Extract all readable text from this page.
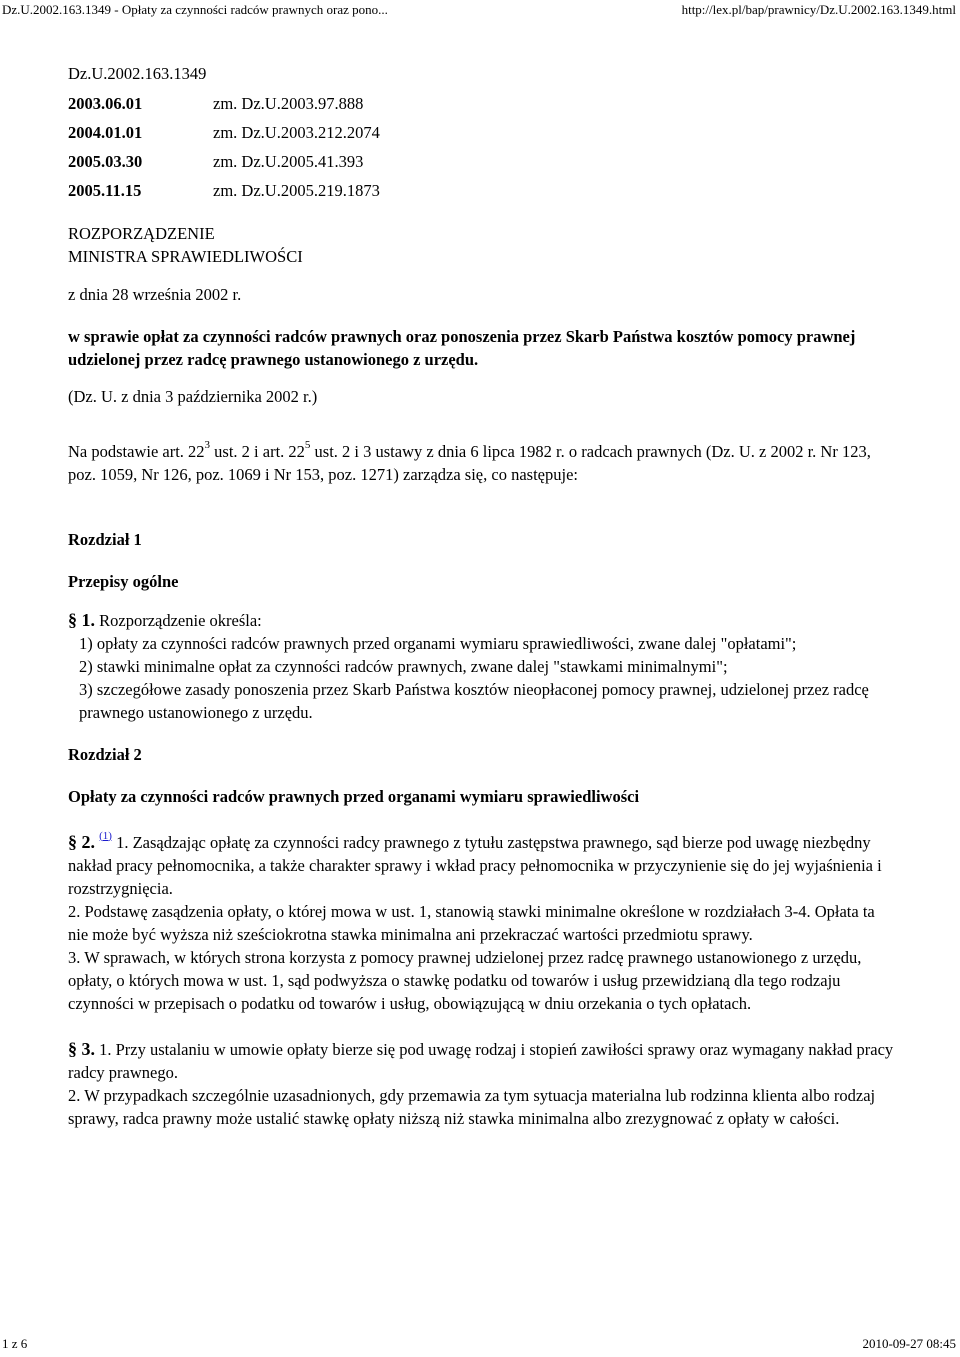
Dz.U.2002.163.1349 - Opłaty za czynności radców prawnych oraz pono...	http://lex.pl/bap/prawnicy/Dz.U.2002.163.1349.html

Dz.U.2002.163.1349

2003.06.01	zm. Dz.U.2003.97.888
2004.01.01	zm. Dz.U.2003.212.2074
2005.03.30	zm. Dz.U.2005.41.393
2005.11.15	zm. Dz.U.2005.219.1873

ROZPORZĄDZENIE

MINISTRA SPRAWIEDLIWOŚCI

z dnia 28 września 2002 r.

w sprawie opłat za czynności radców prawnych oraz ponoszenia przez Skarb Państwa kosztów pomocy prawnej udzielonej przez radcę prawnego ustanowionego z urzędu.

(Dz. U. z dnia 3 października 2002 r.)

Na podstawie art. $22^3$ ust. 2 i art. $22^5$ ust. 2 i 3 ustawy z dnia 6 lipca 1982 r. o radcach prawnych (Dz. U. z 2002 r. Nr 123, poz. 1059, Nr 126, poz. 1069 i Nr 153, poz. 1271) zarządza się, co następuje:

Rozdział 1

Przepisy ogólne

§ 1. Rozporządzenie określa:

1) opłaty za czynności radców prawnych przed organami wymiaru sprawiedliwości, zwane dalej "opłatami";

2) stawki minimalne opłat za czynności radców prawnych, zwane dalej "stawkami minimalnymi";

3) szczegółowe zasady ponoszenia przez Skarb Państwa kosztów nieopłaconej pomocy prawnej, udzielonej przez radcę prawnego ustanowionego z urzędu.

Rozdział 2

Opłaty za czynności radców prawnych przed organami wymiaru sprawiedliwości

§ 2. $^{(1)}$ 1. Zasądzając opłatę za czynności radcy prawnego z tytułu zastępstwa prawnego, sąd bierze pod uwagę niezbędny nakład pracy pełnomocnika, a także charakter sprawy i wkład pracy pełnomocnika w przyczynienie się do jej wyjaśnienia i rozstrzygnięcia.

2. Podstawę zasądzenia opłaty, o której mowa w ust. 1, stanowią stawki minimalne określone w rozdziałach 3-4. Opłata ta nie może być wyższa niż sześciokrotna stawka minimalna ani przekraczać wartości przedmiotu sprawy.

3. W sprawach, w których strona korzysta z pomocy prawnej udzielonej przez radcę prawnego ustanowionego z urzędu, opłaty, o których mowa w ust. 1, sąd podwyższa o stawkę podatku od towarów i usług przewidzianą dla tego rodzaju czynności w przepisach o podatku od towarów i usług, obowiązującą w dniu orzekania o tych opłatach.

§ 3. 1. Przy ustalaniu w umowie opłaty bierze się pod uwagę rodzaj i stopień zawiłości sprawy oraz wymagany nakład pracy radcy prawnego.

2. W przypadkach szczególnie uzasadnionych, gdy przemawia za tym sytuacja materialna lub rodzinna klienta albo rodzaj sprawy, radca prawny może ustalić stawkę opłaty niższą niż stawka minimalna albo zrezygnować z opłaty w całości.

1 z 6	2010-09-27 08:45
